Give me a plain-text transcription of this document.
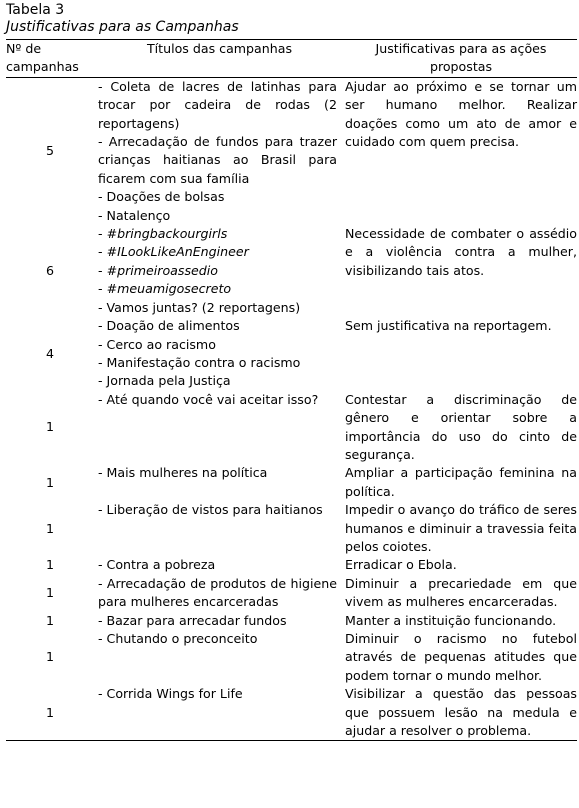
Tabela 3
Justificativas para as Campanhas
Nº de campanhas	Títulos das campanhas	Justificativas para as ações propostas
5	- Coleta de lacres de latinhas para trocar por cadeira de rodas (2 reportagens)
- Arrecadação de fundos para trazer crianças haitianas ao Brasil para ficarem com sua família
- Doações de bolsas
- Natalenço	Ajudar ao próximo e se tornar um ser humano melhor. Realizar doações como um ato de amor e cuidado com quem precisa.
6	- #bringbackourgirls
- #ILookLikeAnEngineer
- #primeiroassedio
- #meuamigosecreto
- Vamos juntas? (2 reportagens)	Necessidade de combater o assédio e a violência contra a mulher, visibilizando tais atos.
4	- Doação de alimentos
- Cerco ao racismo
- Manifestação contra o racismo
- Jornada pela Justiça	Sem justificativa na reportagem.
1	- Até quando você vai aceitar isso?	Contestar a discriminação de gênero e orientar sobre a importância do uso do cinto de segurança.
1	- Mais mulheres na política	Ampliar a participação feminina na política.
1	- Liberação de vistos para haitianos	Impedir o avanço do tráfico de seres humanos e diminuir a travessia feita pelos coiotes.
1	- Contra a pobreza	Erradicar o Ebola.
1	- Arrecadação de produtos de higiene para mulheres encarceradas	Diminuir a precariedade em que vivem as mulheres encarceradas.
1	- Bazar para arrecadar fundos	Manter a instituição funcionando.
1	- Chutando o preconceito	Diminuir o racismo no futebol através de pequenas atitudes que podem tornar o mundo melhor.
1	- Corrida Wings for Life	Visibilizar a questão das pessoas que possuem lesão na medula e ajudar a resolver o problema.
